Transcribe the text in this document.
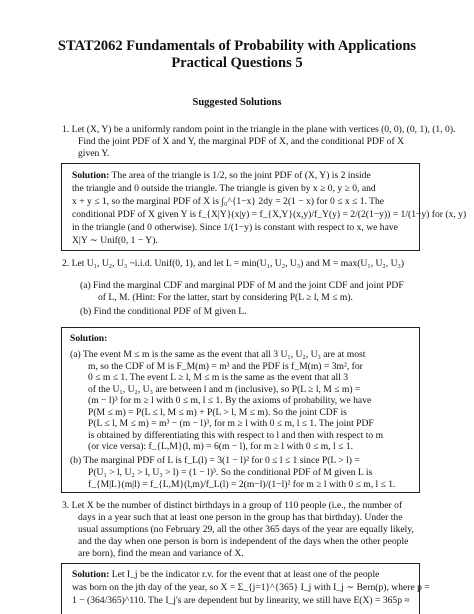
STAT2062 Fundamentals of Probability with Applications
Practical Questions 5
Suggested Solutions
1. Let (X, Y) be a uniformly random point in the triangle in the plane with vertices (0, 0), (0, 1), (1, 0).
Find the joint PDF of X and Y, the marginal PDF of X, and the conditional PDF of X
given Y.
Solution: The area of the triangle is 1/2, so the joint PDF of (X, Y) is 2 inside
the triangle and 0 outside the triangle. The triangle is given by x ≥ 0, y ≥ 0, and
x + y ≤ 1, so the marginal PDF of X is ∫₀^{1−x} 2dy = 2(1 − x) for 0 ≤ x ≤ 1. The
conditional PDF of X given Y is f_{X|Y}(x|y) = f_{X,Y}(x,y)/f_Y(y) = 2/(2(1−y)) = 1/(1−y) for (x, y)
in the triangle (and 0 otherwise). Since 1/(1−y) is constant with respect to x, we have
X|Y ∼ Unif(0, 1 − Y).
2. Let U₁, U₂, U₃ ~i.i.d. Unif(0, 1), and let L = min(U₁, U₂, U₃) and M = max(U₁, U₂, U₃)
(a) Find the marginal CDF and marginal PDF of M and the joint CDF and joint PDF
of L, M. (Hint: For the latter, start by considering P(L ≥ l, M ≤ m).
(b) Find the conditional PDF of M given L.
Solution:
(a) The event M ≤ m is the same as the event that all 3 U₁, U₂, U₃ are at most
m, so the CDF of M is F_M(m) = m³ and the PDF is f_M(m) = 3m², for
0 ≤ m ≤ 1. The event L ≥ l, M ≤ m is the same as the event that all 3
of the U₁, U₂, U₃ are between l and m (inclusive), so P(L ≥ l, M ≤ m) =
(m − l)³ for m ≥ l with 0 ≤ m, l ≤ 1. By the axioms of probability, we have
P(M ≤ m) = P(L ≤ l, M ≤ m) + P(L > l, M ≤ m). So the joint CDF is
P(L ≤ l, M ≤ m) = m³ − (m − l)³, for m ≥ l with 0 ≤ m, l ≤ 1. The joint PDF
is obtained by differentiating this with respect to l and then with respect to m
(or vice versa): f_{L,M}(l, m) = 6(m − l), for m ≥ l with 0 ≤ m, l ≤ 1.
(b) The marginal PDF of L is f_L(l) = 3(1 − l)² for 0 ≤ l ≤ 1 since P(L > l) =
P(U₁ > l, U₂ > l, U₃ > l) = (1 − l)³. So the conditional PDF of M given L is
3. Let X be the number of distinct birthdays in a group of 110 people (i.e., the number of
days in a year such that at least one person in the group has that birthday). Under the
usual assumptions (no February 29, all the other 365 days of the year are equally likely,
and the day when one person is born is independent of the days when the other people
are born), find the mean and variance of X.
Solution: Let I_j be the indicator r.v. for the event that at least one of the people
was born on the jth day of the year, so X = Σ_{j=1}^{365} I_j with I_j ∼ Bern(p), where p =
1 − (364/365)^110. The I_j's are dependent but by linearity, we still have E(X) = 365p ≈
f_{M|L}(m|l) = f_{L,M}(l,m)/f_L(l) = 2(m−l)/(1−l)² for m ≥ l with 0 ≤ m, l ≤ 1.
